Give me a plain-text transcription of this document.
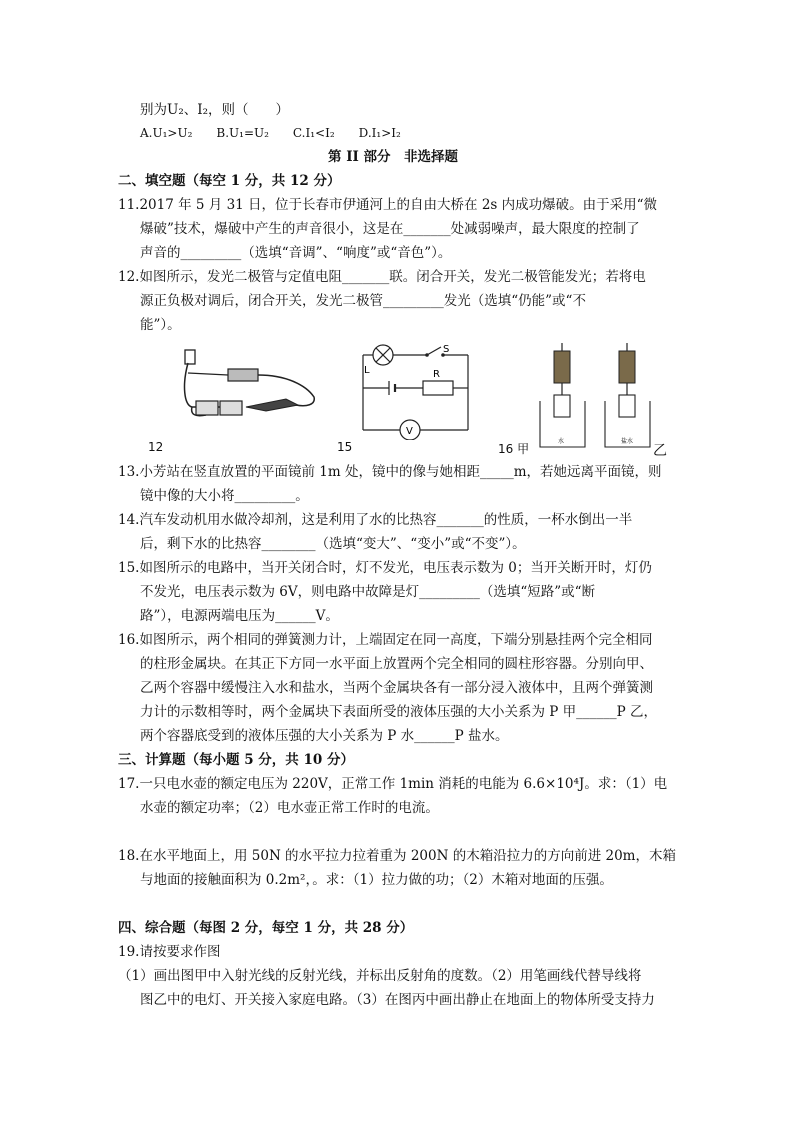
别为U₂、I₂，则（　　）
A.U₁>U₂　　B.U₁=U₂　　C.I₁<I₂　　D.I₁>I₂
第 II 部分　非选择题
二、填空题（每空 1 分，共 12 分）
11.2017 年 5 月 31 日，位于长春市伊通河上的自由大桥在 2s 内成功爆破。由于采用“微
爆破”技术，爆破中产生的声音很小，这是在_______处减弱噪声，最大限度的控制了
声音的_________（选填“音调”、“响度”或“音色”）。
12.如图所示，发光二极管与定值电阻_______联。闭合开关，发光二极管能发光；若将电
源正负极对调后，闭合开关，发光二极管_________发光（选填“仍能”或“不
能”）。
12
L	R
S
V
15	水	盐水
16 甲	乙
13.小芳站在竖直放置的平面镜前 1m 处，镜中的像与她相距_____m，若她远离平面镜，则
镜中像的大小将_________。
14.汽车发动机用水做冷却剂，这是利用了水的比热容_______的性质，一杯水倒出一半
后，剩下水的比热容________（选填“变大”、“变小”或“不变”）。
15.如图所示的电路中，当开关闭合时，灯不发光，电压表示数为 0；当开关断开时，灯仍
不发光，电压表示数为 6V，则电路中故障是灯_________（选填“短路”或“断
路”），电源两端电压为______V。
16.如图所示，两个相同的弹簧测力计，上端固定在同一高度，下端分别悬挂两个完全相同
的柱形金属块。在其正下方同一水平面上放置两个完全相同的圆柱形容器。分别向甲、
乙两个容器中缓慢注入水和盐水，当两个金属块各有一部分浸入液体中，且两个弹簧测
力计的示数相等时，两个金属块下表面所受的液体压强的大小关系为 P 甲______P 乙，
两个容器底受到的液体压强的大小关系为 P 水______P 盐水。
三、计算题（每小题 5 分，共 10 分）
17.一只电水壶的额定电压为 220V，正常工作 1min 消耗的电能为 6.6×10⁴J。求：（1）电
水壶的额定功率；（2）电水壶正常工作时的电流。
18.在水平地面上，用 50N 的水平拉力拉着重为 200N 的木箱沿拉力的方向前进 20m，木箱
与地面的接触面积为 0.2m²，。求：（1）拉力做的功；（2）木箱对地面的压强。
四、综合题（每图 2 分，每空 1 分，共 28 分）
19.请按要求作图
（1）画出图甲中入射光线的反射光线，并标出反射角的度数。（2）用笔画线代替导线将
图乙中的电灯、开关接入家庭电路。（3）在图丙中画出静止在地面上的物体所受支持力
